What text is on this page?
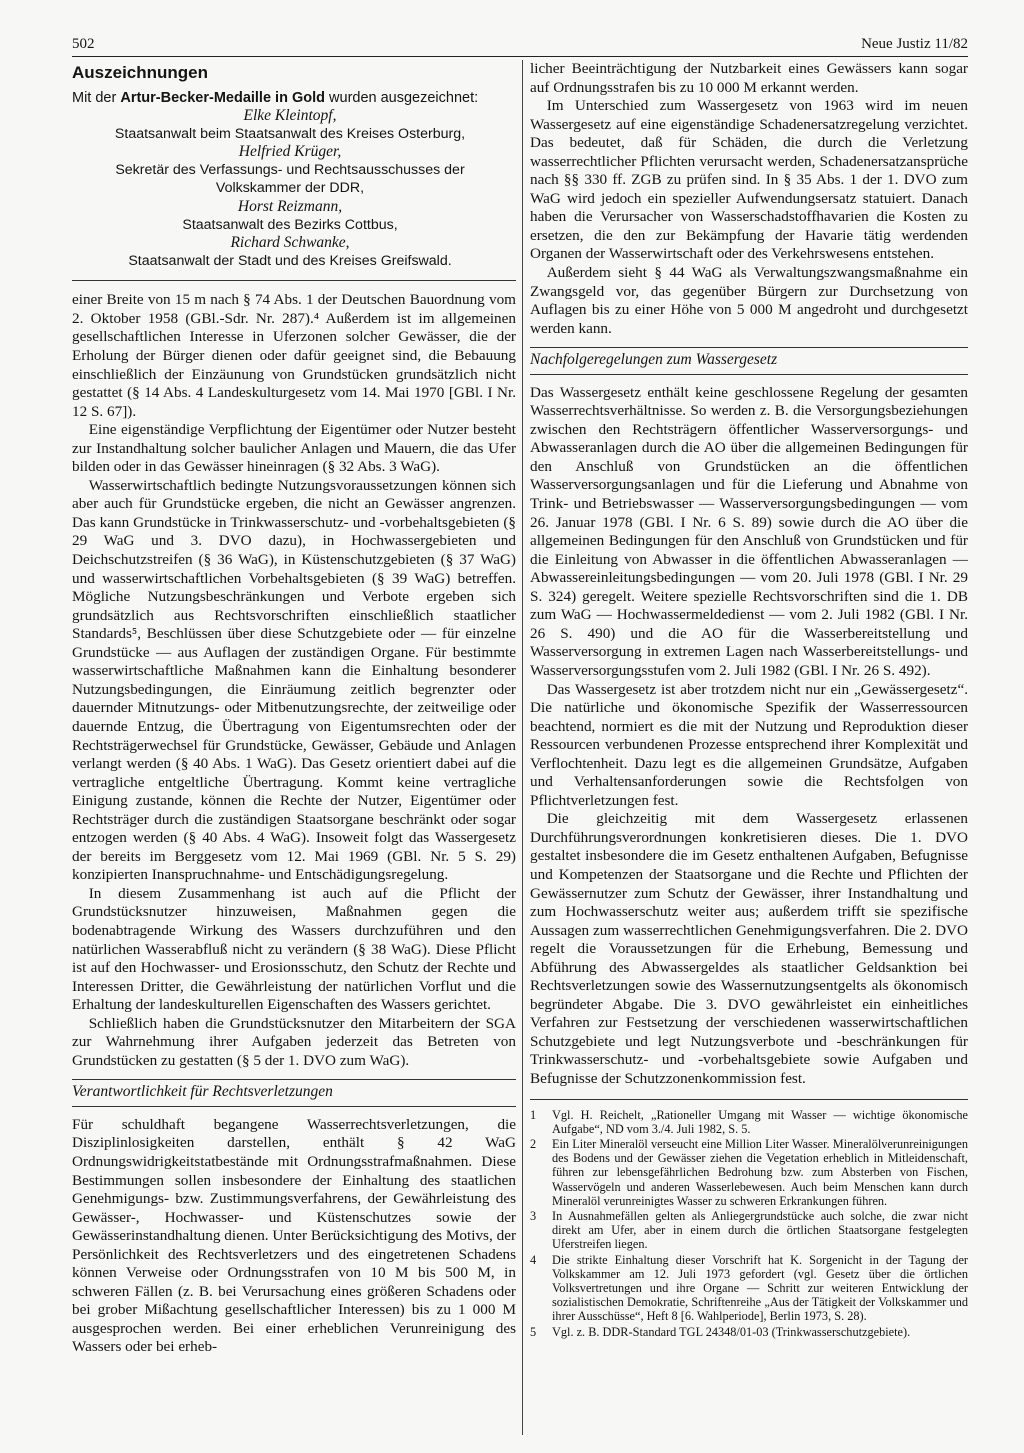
502	Neue Justiz 11/82
Auszeichnungen
Mit der Artur-Becker-Medaille in Gold wurden ausgezeichnet:
Elke Kleintopf,
Staatsanwalt beim Staatsanwalt des Kreises Osterburg,
Helfried Krüger,
Sekretär des Verfassungs- und Rechtsausschusses der Volkskammer der DDR,
Horst Reizmann,
Staatsanwalt des Bezirks Cottbus,
Richard Schwanke,
Staatsanwalt der Stadt und des Kreises Greifswald.

einer Breite von 15 m nach § 74 Abs. 1 der Deutschen Bauordnung vom 2. Oktober 1958 (GBl.-Sdr. Nr. 287).⁴ Außerdem ist im allgemeinen gesellschaftlichen Interesse in Uferzonen solcher Gewässer, die der Erholung der Bürger dienen oder dafür geeignet sind, die Bebauung einschließlich der Einzäunung von Grundstücken grundsätzlich nicht gestattet (§ 14 Abs. 4 Landeskulturgesetz vom 14. Mai 1970 [GBl. I Nr. 12 S. 67]).

Eine eigenständige Verpflichtung der Eigentümer oder Nutzer besteht zur Instandhaltung solcher baulicher Anlagen und Mauern, die das Ufer bilden oder in das Gewässer hineinragen (§ 32 Abs. 3 WaG).

Wasserwirtschaftlich bedingte Nutzungsvoraussetzungen können sich aber auch für Grundstücke ergeben, die nicht an Gewässer angrenzen. Das kann Grundstücke in Trinkwasserschutz- und -vorbehaltsgebieten (§ 29 WaG und 3. DVO dazu), in Hochwassergebieten und Deichschutzstreifen (§ 36 WaG), in Küstenschutzgebieten (§ 37 WaG) und wasserwirtschaftlichen Vorbehaltsgebieten (§ 39 WaG) betreffen. Mögliche Nutzungsbeschränkungen und Verbote ergeben sich grundsätzlich aus Rechtsvorschriften einschließlich staatlicher Standards⁵, Beschlüssen über diese Schutzgebiete oder — für einzelne Grundstücke — aus Auflagen der zuständigen Organe. Für bestimmte wasserwirtschaftliche Maßnahmen kann die Einhaltung besonderer Nutzungsbedingungen, die Einräumung zeitlich begrenzter oder dauernder Mitnutzungs- oder Mitbenutzungsrechte, der zeitweilige oder dauernde Entzug, die Übertragung von Eigentumsrechten oder der Rechtsträgerwechsel für Grundstücke, Gewässer, Gebäude und Anlagen verlangt werden (§ 40 Abs. 1 WaG). Das Gesetz orientiert dabei auf die vertragliche entgeltliche Übertragung. Kommt keine vertragliche Einigung zustande, können die Rechte der Nutzer, Eigentümer oder Rechtsträger durch die zuständigen Staatsorgane beschränkt oder sogar entzogen werden (§ 40 Abs. 4 WaG). Insoweit folgt das Wassergesetz der bereits im Berggesetz vom 12. Mai 1969 (GBl. Nr. 5 S. 29) konzipierten Inanspruchnahme- und Entschädigungsregelung.

In diesem Zusammenhang ist auch auf die Pflicht der Grundstücksnutzer hinzuweisen, Maßnahmen gegen die bodenabtragende Wirkung des Wassers durchzuführen und den natürlichen Wasserabfluß nicht zu verändern (§ 38 WaG). Diese Pflicht ist auf den Hochwasser- und Erosionsschutz, den Schutz der Rechte und Interessen Dritter, die Gewährleistung der natürlichen Vorflut und die Erhaltung der landeskulturellen Eigenschaften des Wassers gerichtet.

Schließlich haben die Grundstücksnutzer den Mitarbeitern der SGA zur Wahrnehmung ihrer Aufgaben jederzeit das Betreten von Grundstücken zu gestatten (§ 5 der 1. DVO zum WaG).

Verantwortlichkeit für Rechtsverletzungen

Für schuldhaft begangene Wasserrechtsverletzungen, die Disziplinlosigkeiten darstellen, enthält § 42 WaG Ordnungswidrigkeitstatbestände mit Ordnungsstrafmaßnahmen. Diese Bestimmungen sollen insbesondere der Einhaltung des staatlichen Genehmigungs- bzw. Zustimmungsverfahrens, der Gewährleistung des Gewässer-, Hochwasser- und Küstenschutzes sowie der Gewässerinstandhaltung dienen. Unter Berücksichtigung des Motivs, der Persönlichkeit des Rechtsverletzers und des eingetretenen Schadens können Verweise oder Ordnungsstrafen von 10 M bis 500 M, in schweren Fällen (z. B. bei Verursachung eines größeren Schadens oder bei grober Mißachtung gesellschaftlicher Interessen) bis zu 1 000 M ausgesprochen werden. Bei einer erheblichen Verunreinigung des Wassers oder bei erheb-

licher Beeinträchtigung der Nutzbarkeit eines Gewässers kann sogar auf Ordnungsstrafen bis zu 10 000 M erkannt werden.

Im Unterschied zum Wassergesetz von 1963 wird im neuen Wassergesetz auf eine eigenständige Schadenersatzregelung verzichtet. Das bedeutet, daß für Schäden, die durch die Verletzung wasserrechtlicher Pflichten verursacht werden, Schadenersatzansprüche nach §§ 330 ff. ZGB zu prüfen sind. In § 35 Abs. 1 der 1. DVO zum WaG wird jedoch ein spezieller Aufwendungsersatz statuiert. Danach haben die Verursacher von Wasserschadstoffhavarien die Kosten zu ersetzen, die den zur Bekämpfung der Havarie tätig werdenden Organen der Wasserwirtschaft oder des Verkehrswesens entstehen.

Außerdem sieht § 44 WaG als Verwaltungszwangsmaßnahme ein Zwangsgeld vor, das gegenüber Bürgern zur Durchsetzung von Auflagen bis zu einer Höhe von 5 000 M angedroht und durchgesetzt werden kann.

Nachfolgeregelungen zum Wassergesetz

Das Wassergesetz enthält keine geschlossene Regelung der gesamten Wasserrechtsverhältnisse. So werden z. B. die Versorgungsbeziehungen zwischen den Rechtsträgern öffentlicher Wasserversorgungs- und Abwasseranlagen durch die AO über die allgemeinen Bedingungen für den Anschluß von Grundstücken an die öffentlichen Wasserversorgungsanlagen und für die Lieferung und Abnahme von Trink- und Betriebswasser — Wasserversorgungsbedingungen — vom 26. Januar 1978 (GBl. I Nr. 6 S. 89) sowie durch die AO über die allgemeinen Bedingungen für den Anschluß von Grundstücken und für die Einleitung von Abwasser in die öffentlichen Abwasseranlagen — Abwassereinleitungsbedingungen — vom 20. Juli 1978 (GBl. I Nr. 29 S. 324) geregelt. Weitere spezielle Rechtsvorschriften sind die 1. DB zum WaG — Hochwassermeldedienst — vom 2. Juli 1982 (GBl. I Nr. 26 S. 490) und die AO für die Wasserbereitstellung und Wasserversorgung in extremen Lagen nach Wasserbereitstellungs- und Wasserversorgungsstufen vom 2. Juli 1982 (GBl. I Nr. 26 S. 492).

Das Wassergesetz ist aber trotzdem nicht nur ein „Gewässergesetz“. Die natürliche und ökonomische Spezifik der Wasserressourcen beachtend, normiert es die mit der Nutzung und Reproduktion dieser Ressourcen verbundenen Prozesse entsprechend ihrer Komplexität und Verflochtenheit. Dazu legt es die allgemeinen Grundsätze, Aufgaben und Verhaltensanforderungen sowie die Rechtsfolgen von Pflichtverletzungen fest.

Die gleichzeitig mit dem Wassergesetz erlassenen Durchführungsverordnungen konkretisieren dieses. Die 1. DVO gestaltet insbesondere die im Gesetz enthaltenen Aufgaben, Befugnisse und Kompetenzen der Staatsorgane und die Rechte und Pflichten der Gewässernutzer zum Schutz der Gewässer, ihrer Instandhaltung und zum Hochwasserschutz weiter aus; außerdem trifft sie spezifische Aussagen zum wasserrechtlichen Genehmigungsverfahren. Die 2. DVO regelt die Voraussetzungen für die Erhebung, Bemessung und Abführung des Abwassergeldes als staatlicher Geldsanktion bei Rechtsverletzungen sowie des Wassernutzungsentgelts als ökonomisch begründeter Abgabe. Die 3. DVO gewährleistet ein einheitliches Verfahren zur Festsetzung der verschiedenen wasserwirtschaftlichen Schutzgebiete und legt Nutzungsverbote und -beschränkungen für Trinkwasserschutz- und -vorbehaltsgebiete sowie Aufgaben und Befugnisse der Schutzzonenkommission fest.

1	Vgl. H. Reichelt, „Rationeller Umgang mit Wasser — wichtige ökonomische Aufgabe“, ND vom 3./4. Juli 1982, S. 5.
2	Ein Liter Mineralöl verseucht eine Million Liter Wasser. Mineralölverunreinigungen des Bodens und der Gewässer ziehen die Vegetation erheblich in Mitleidenschaft, führen zur lebensgefährlichen Bedrohung bzw. zum Absterben von Fischen, Wasservögeln und anderen Wasserlebewesen. Auch beim Menschen kann durch Mineralöl verunreinigtes Wasser zu schweren Erkrankungen führen.
3	In Ausnahmefällen gelten als Anliegergrundstücke auch solche, die zwar nicht direkt am Ufer, aber in einem durch die örtlichen Staatsorgane festgelegten Uferstreifen liegen.
4	Die strikte Einhaltung dieser Vorschrift hat K. Sorgenicht in der Tagung der Volkskammer am 12. Juli 1973 gefordert (vgl. Gesetz über die örtlichen Volksvertretungen und ihre Organe — Schritt zur weiteren Entwicklung der sozialistischen Demokratie, Schriftenreihe „Aus der Tätigkeit der Volkskammer und ihrer Ausschüsse“, Heft 8 [6. Wahlperiode], Berlin 1973, S. 28).
5	Vgl. z. B. DDR-Standard TGL 24348/01-03 (Trinkwasserschutzgebiete).
